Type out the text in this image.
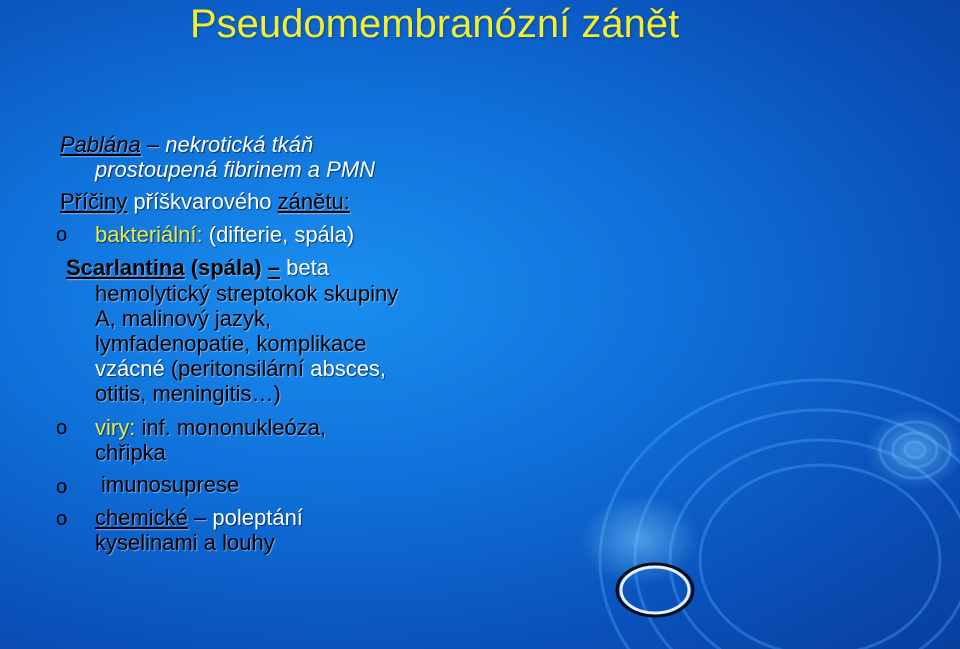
Pseudomembranózní zánět
Pablána – nekrotická tkáň
prostoupená fibrinem a PMN
Příčiny příškvarového zánětu:
o bakteriální: (difterie, spála)
Scarlantina (spála) – beta
hemolytický streptokok skupiny
A, malinový jazyk,
lymfadenopatie, komplikace
vzácné (peritonsilární absces,
otitis, meningitis…)
o viry: inf. mononukleóza,
chřipka
o imunosuprese
o chemické – poleptání
kyselinami a louhy
